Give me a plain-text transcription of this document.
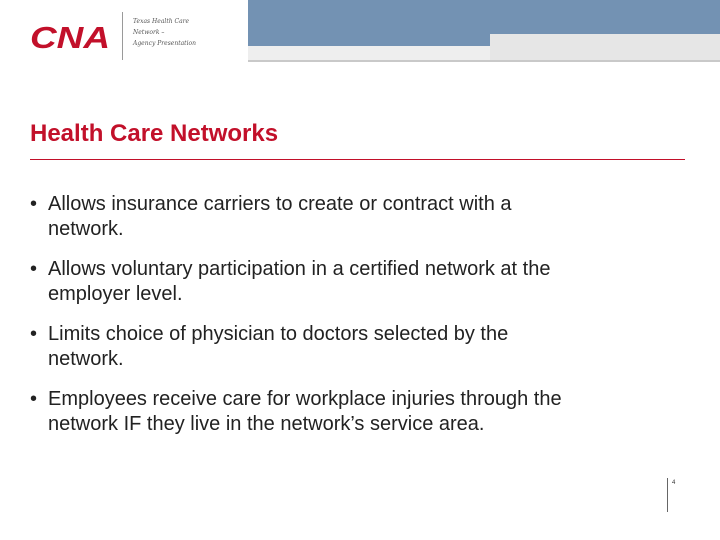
CNA	Texas Health Care
Network –
Agency Presentation
Health Care Networks
• Allows insurance carriers to create or contract with a
network.
• Allows voluntary participation in a certified network at the
employer level.
• Limits choice of physician to doctors selected by the
network.
• Employees receive care for workplace injuries through the
network IF they live in the network’s service area.
4
